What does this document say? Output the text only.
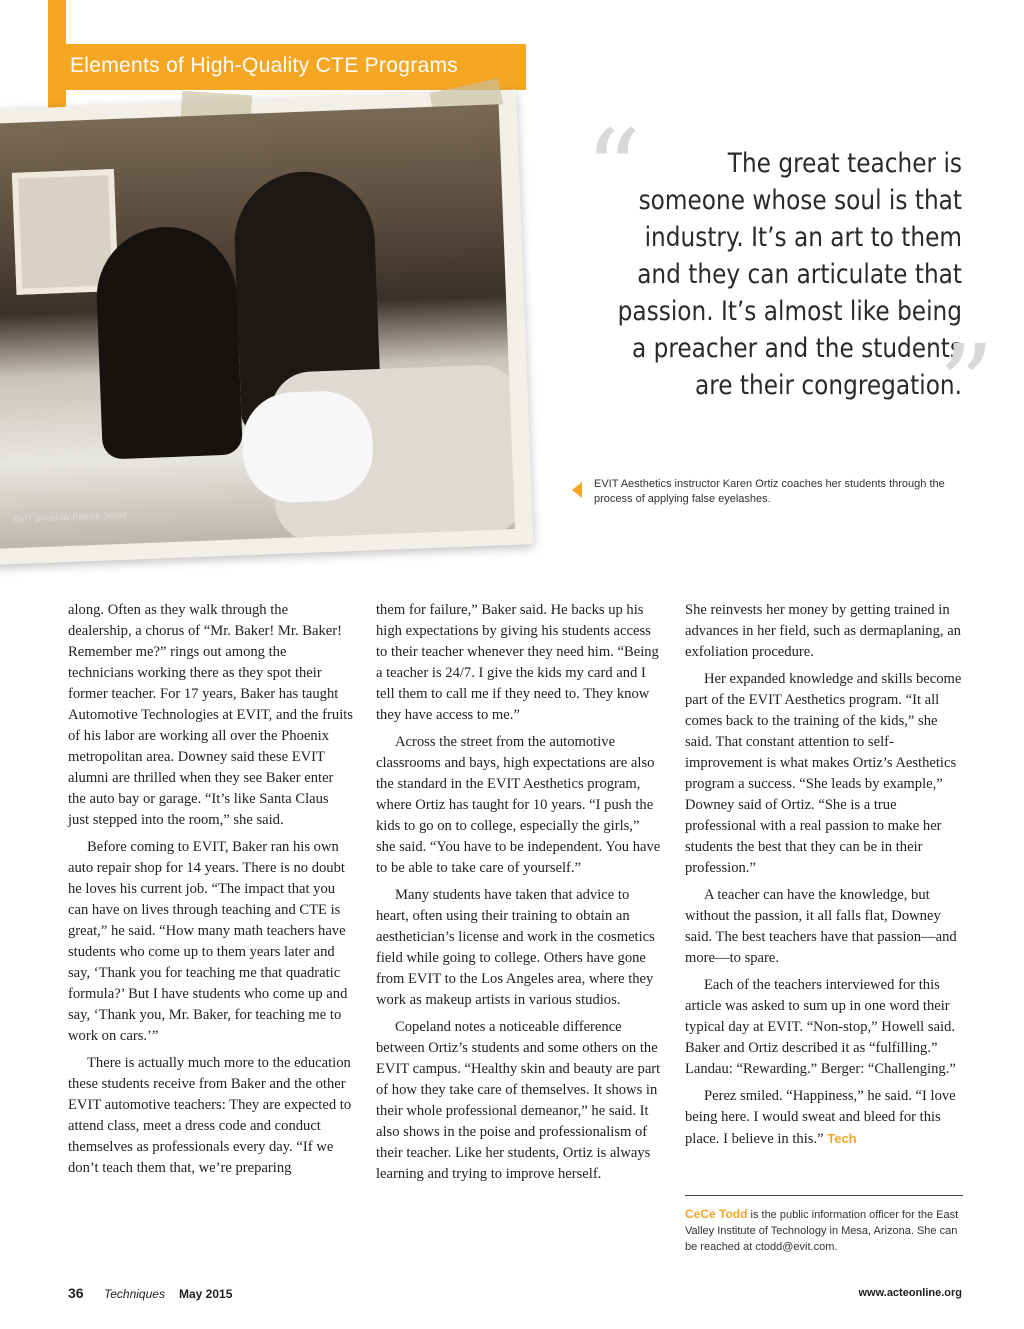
Elements of High-Quality CTE Programs
EVIT photo by Patrick Jervis
“	The great teacher is someone whose soul is that industry. It’s an art to them and they can articulate that passion. It’s almost like being a preacher and the students are their congregation.
”
EVIT Aesthetics instructor Karen Ortiz coaches her students through the process of applying false eyelashes.

along. Often as they walk through the dealership, a chorus of “Mr. Baker! Mr. Baker! Remember me?” rings out among the technicians working there as they spot their former teacher. For 17 years, Baker has taught Automotive Technologies at EVIT, and the fruits of his labor are working all over the Phoenix metropolitan area. Downey said these EVIT alumni are thrilled when they see Baker enter the auto bay or garage. “It’s like Santa Claus just stepped into the room,” she said.

Before coming to EVIT, Baker ran his own auto repair shop for 14 years. There is no doubt he loves his current job. “The impact that you can have on lives through teaching and CTE is great,” he said. “How many math teachers have students who come up to them years later and say, ‘Thank you for teaching me that quadratic formula?’ But I have students who come up and say, ‘Thank you, Mr. Baker, for teaching me to work on cars.’”

There is actually much more to the education these students receive from Baker and the other EVIT automotive teachers: They are expected to attend class, meet a dress code and conduct themselves as professionals every day. “If we don’t teach them that, we’re preparing

them for failure,” Baker said. He backs up his high expectations by giving his students access to their teacher whenever they need him. “Being a teacher is 24/7. I give the kids my card and I tell them to call me if they need to. They know they have access to me.”

Across the street from the automotive classrooms and bays, high expectations are also the standard in the EVIT Aesthetics program, where Ortiz has taught for 10 years. “I push the kids to go on to college, especially the girls,” she said. “You have to be independent. You have to be able to take care of yourself.”

Many students have taken that advice to heart, often using their training to obtain an aesthetician’s license and work in the cosmetics field while going to college. Others have gone from EVIT to the Los Angeles area, where they work as makeup artists in various studios.

Copeland notes a noticeable difference between Ortiz’s students and some others on the EVIT campus. “Healthy skin and beauty are part of how they take care of themselves. It shows in their whole professional demeanor,” he said. It also shows in the poise and professionalism of their teacher. Like her students, Ortiz is always learning and trying to improve herself.

She reinvests her money by getting trained in advances in her field, such as dermaplaning, an exfoliation procedure.

Her expanded knowledge and skills become part of the EVIT Aesthetics program. “It all comes back to the training of the kids,” she said. That constant attention to self-improvement is what makes Ortiz’s Aesthetics program a success. “She leads by example,” Downey said of Ortiz. “She is a true professional with a real passion to make her students the best that they can be in their profession.”

A teacher can have the knowledge, but without the passion, it all falls flat, Downey said. The best teachers have that passion—and more—to spare.

Each of the teachers interviewed for this article was asked to sum up in one word their typical day at EVIT. “Non-stop,” Howell said. Baker and Ortiz described it as “fulfilling.” Landau: “Rewarding.” Berger: “Challenging.”

Perez smiled. “Happiness,” he said. “I love being here. I would sweat and bleed for this place. I believe in this.” Tech

CeCe Todd is the public information officer for the East Valley Institute of Technology in Mesa, Arizona. She can be reached at ctodd@evit.com.
36 Techniques May 2015	www.acteonline.org
